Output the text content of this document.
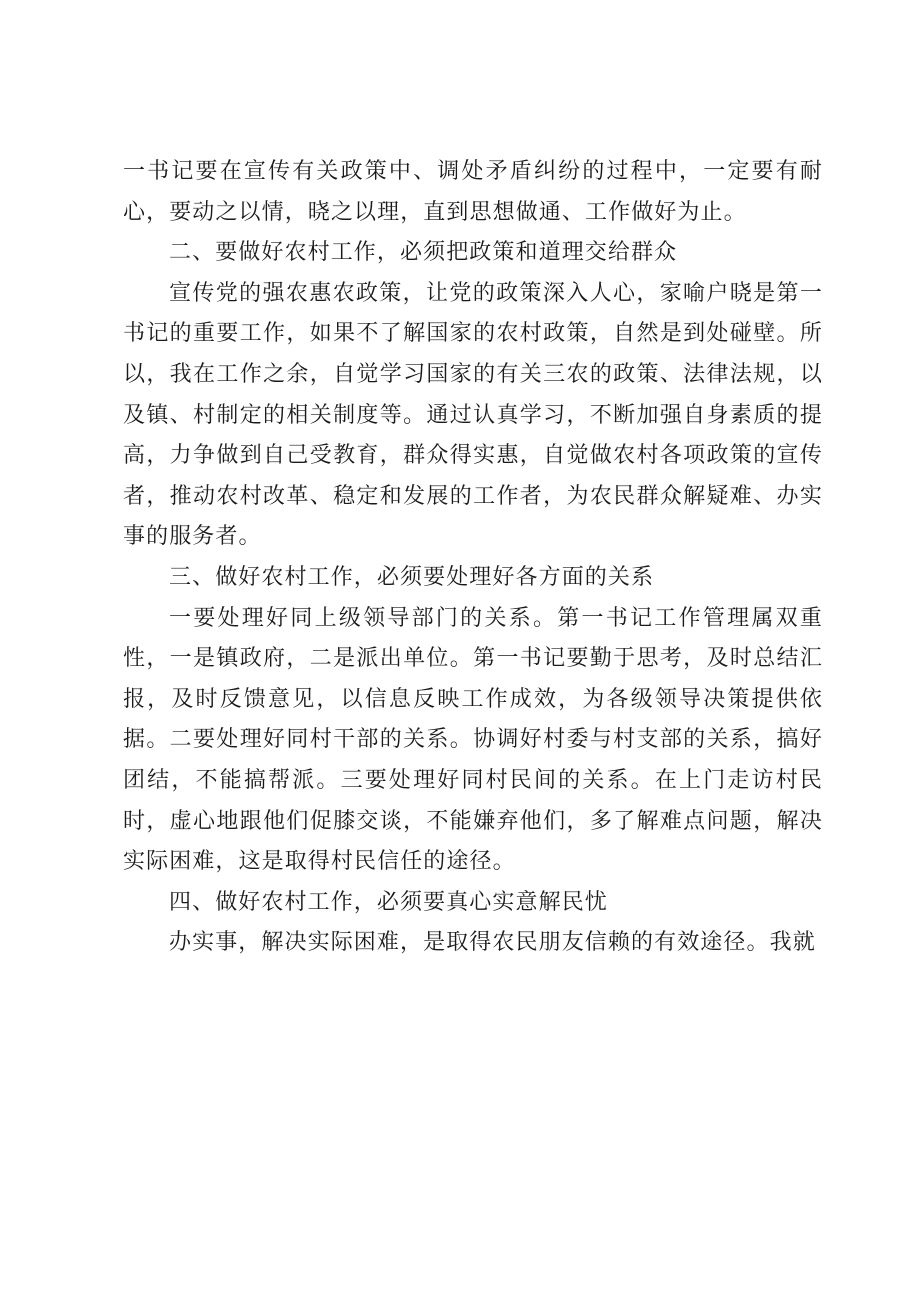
一书记要在宣传有关政策中、调处矛盾纠纷的过程中，一定要有耐心，要动之以情，晓之以理，直到思想做通、工作做好为止。

二、要做好农村工作，必须把政策和道理交给群众

宣传党的强农惠农政策，让党的政策深入人心，家喻户晓是第一书记的重要工作，如果不了解国家的农村政策，自然是到处碰壁。所以，我在工作之余，自觉学习国家的有关三农的政策、法律法规，以及镇、村制定的相关制度等。通过认真学习，不断加强自身素质的提高，力争做到自己受教育，群众得实惠，自觉做农村各项政策的宣传者，推动农村改革、稳定和发展的工作者，为农民群众解疑难、办实事的服务者。

三、做好农村工作，必须要处理好各方面的关系

一要处理好同上级领导部门的关系。第一书记工作管理属双重性，一是镇政府，二是派出单位。第一书记要勤于思考，及时总结汇报，及时反馈意见，以信息反映工作成效，为各级领导决策提供依据。二要处理好同村干部的关系。协调好村委与村支部的关系，搞好团结，不能搞帮派。三要处理好同村民间的关系。在上门走访村民时，虚心地跟他们促膝交谈，不能嫌弃他们，多了解难点问题，解决实际困难，这是取得村民信任的途径。

四、做好农村工作，必须要真心实意解民忧

办实事，解决实际困难，是取得农民朋友信赖的有效途径。我就
